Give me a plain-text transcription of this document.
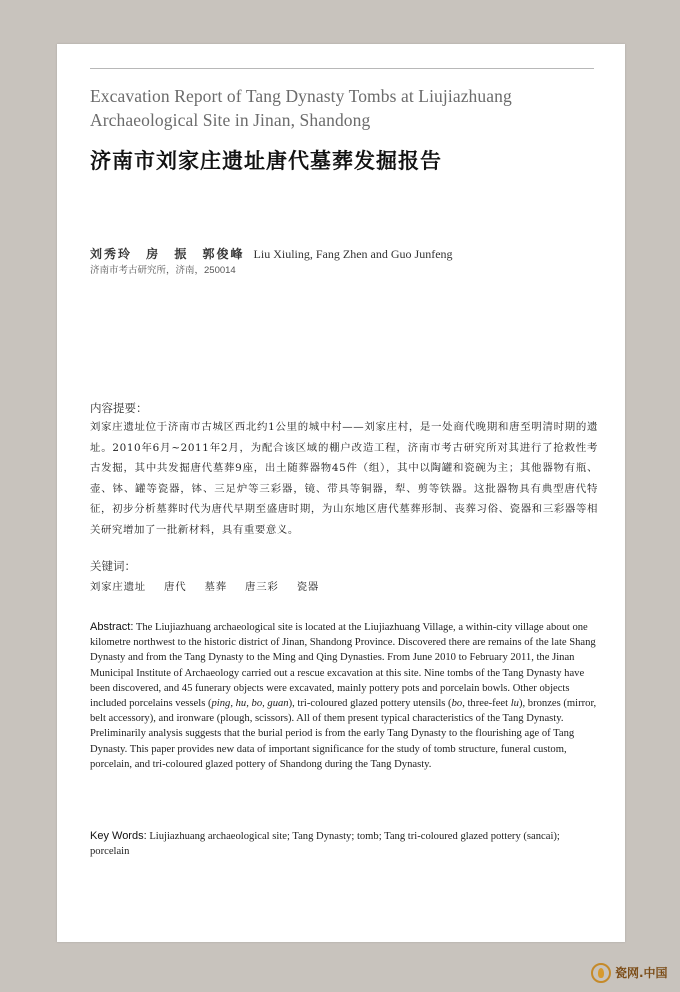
Excavation Report of Tang Dynasty Tombs at Liujiazhuang Archaeological Site in Jinan, Shandong
济南市刘家庄遗址唐代墓葬发掘报告
刘秀玲 房 振 郭俊峰 Liu Xiuling, Fang Zhen and Guo Junfeng
济南市考古研究所，济南，250014
内容提要：
刘家庄遗址位于济南市古城区西北约1公里的城中村——刘家庄村，是一处商代晚期和唐至明清时期的遗址。2010年6月~2011年2月，为配合该区域的棚户改造工程，济南市考古研究所对其进行了抢救性考古发掘，其中共发掘唐代墓葬9座，出土随葬器物45件（组），其中以陶罐和瓷碗为主；其他器物有瓶、壶、钵、罐等瓷器，钵、三足炉等三彩器，镜、带具等铜器，犁、剪等铁器。这批器物具有典型唐代特征，初步分析墓葬时代为唐代早期至盛唐时期，为山东地区唐代墓葬形制、丧葬习俗、瓷器和三彩器等相关研究增加了一批新材料，具有重要意义。
关键词：
刘家庄遗址 唐代 墓葬 唐三彩 瓷器
Abstract: The Liujiazhuang archaeological site is located at the Liujiazhuang Village, a within-city village about one kilometre northwest to the historic district of Jinan, Shandong Province. Discovered there are remains of the late Shang Dynasty and from the Tang Dynasty to the Ming and Qing Dynasties. From June 2010 to February 2011, the Jinan Municipal Institute of Archaeology carried out a rescue excavation at this site. Nine tombs of the Tang Dynasty have been discovered, and 45 funerary objects were excavated, mainly pottery pots and porcelain bowls. Other objects included porcelains vessels (ping, hu, bo, guan), tri-coloured glazed pottery utensils (bo, three-feet lu), bronzes (mirror, belt accessory), and ironware (plough, scissors). All of them present typical characteristics of the Tang Dynasty. Preliminarily analysis suggests that the burial period is from the early Tang Dynasty to the flourishing age of Tang Dynasty. This paper provides new data of important significance for the study of tomb structure, funeral custom, porcelain, and tri-coloured glazed pottery of Shandong during the Tang Dynasty.
Key Words: Liujiazhuang archaeological site; Tang Dynasty; tomb; Tang tri-coloured glazed pottery (sancai); porcelain
瓷网.中国
